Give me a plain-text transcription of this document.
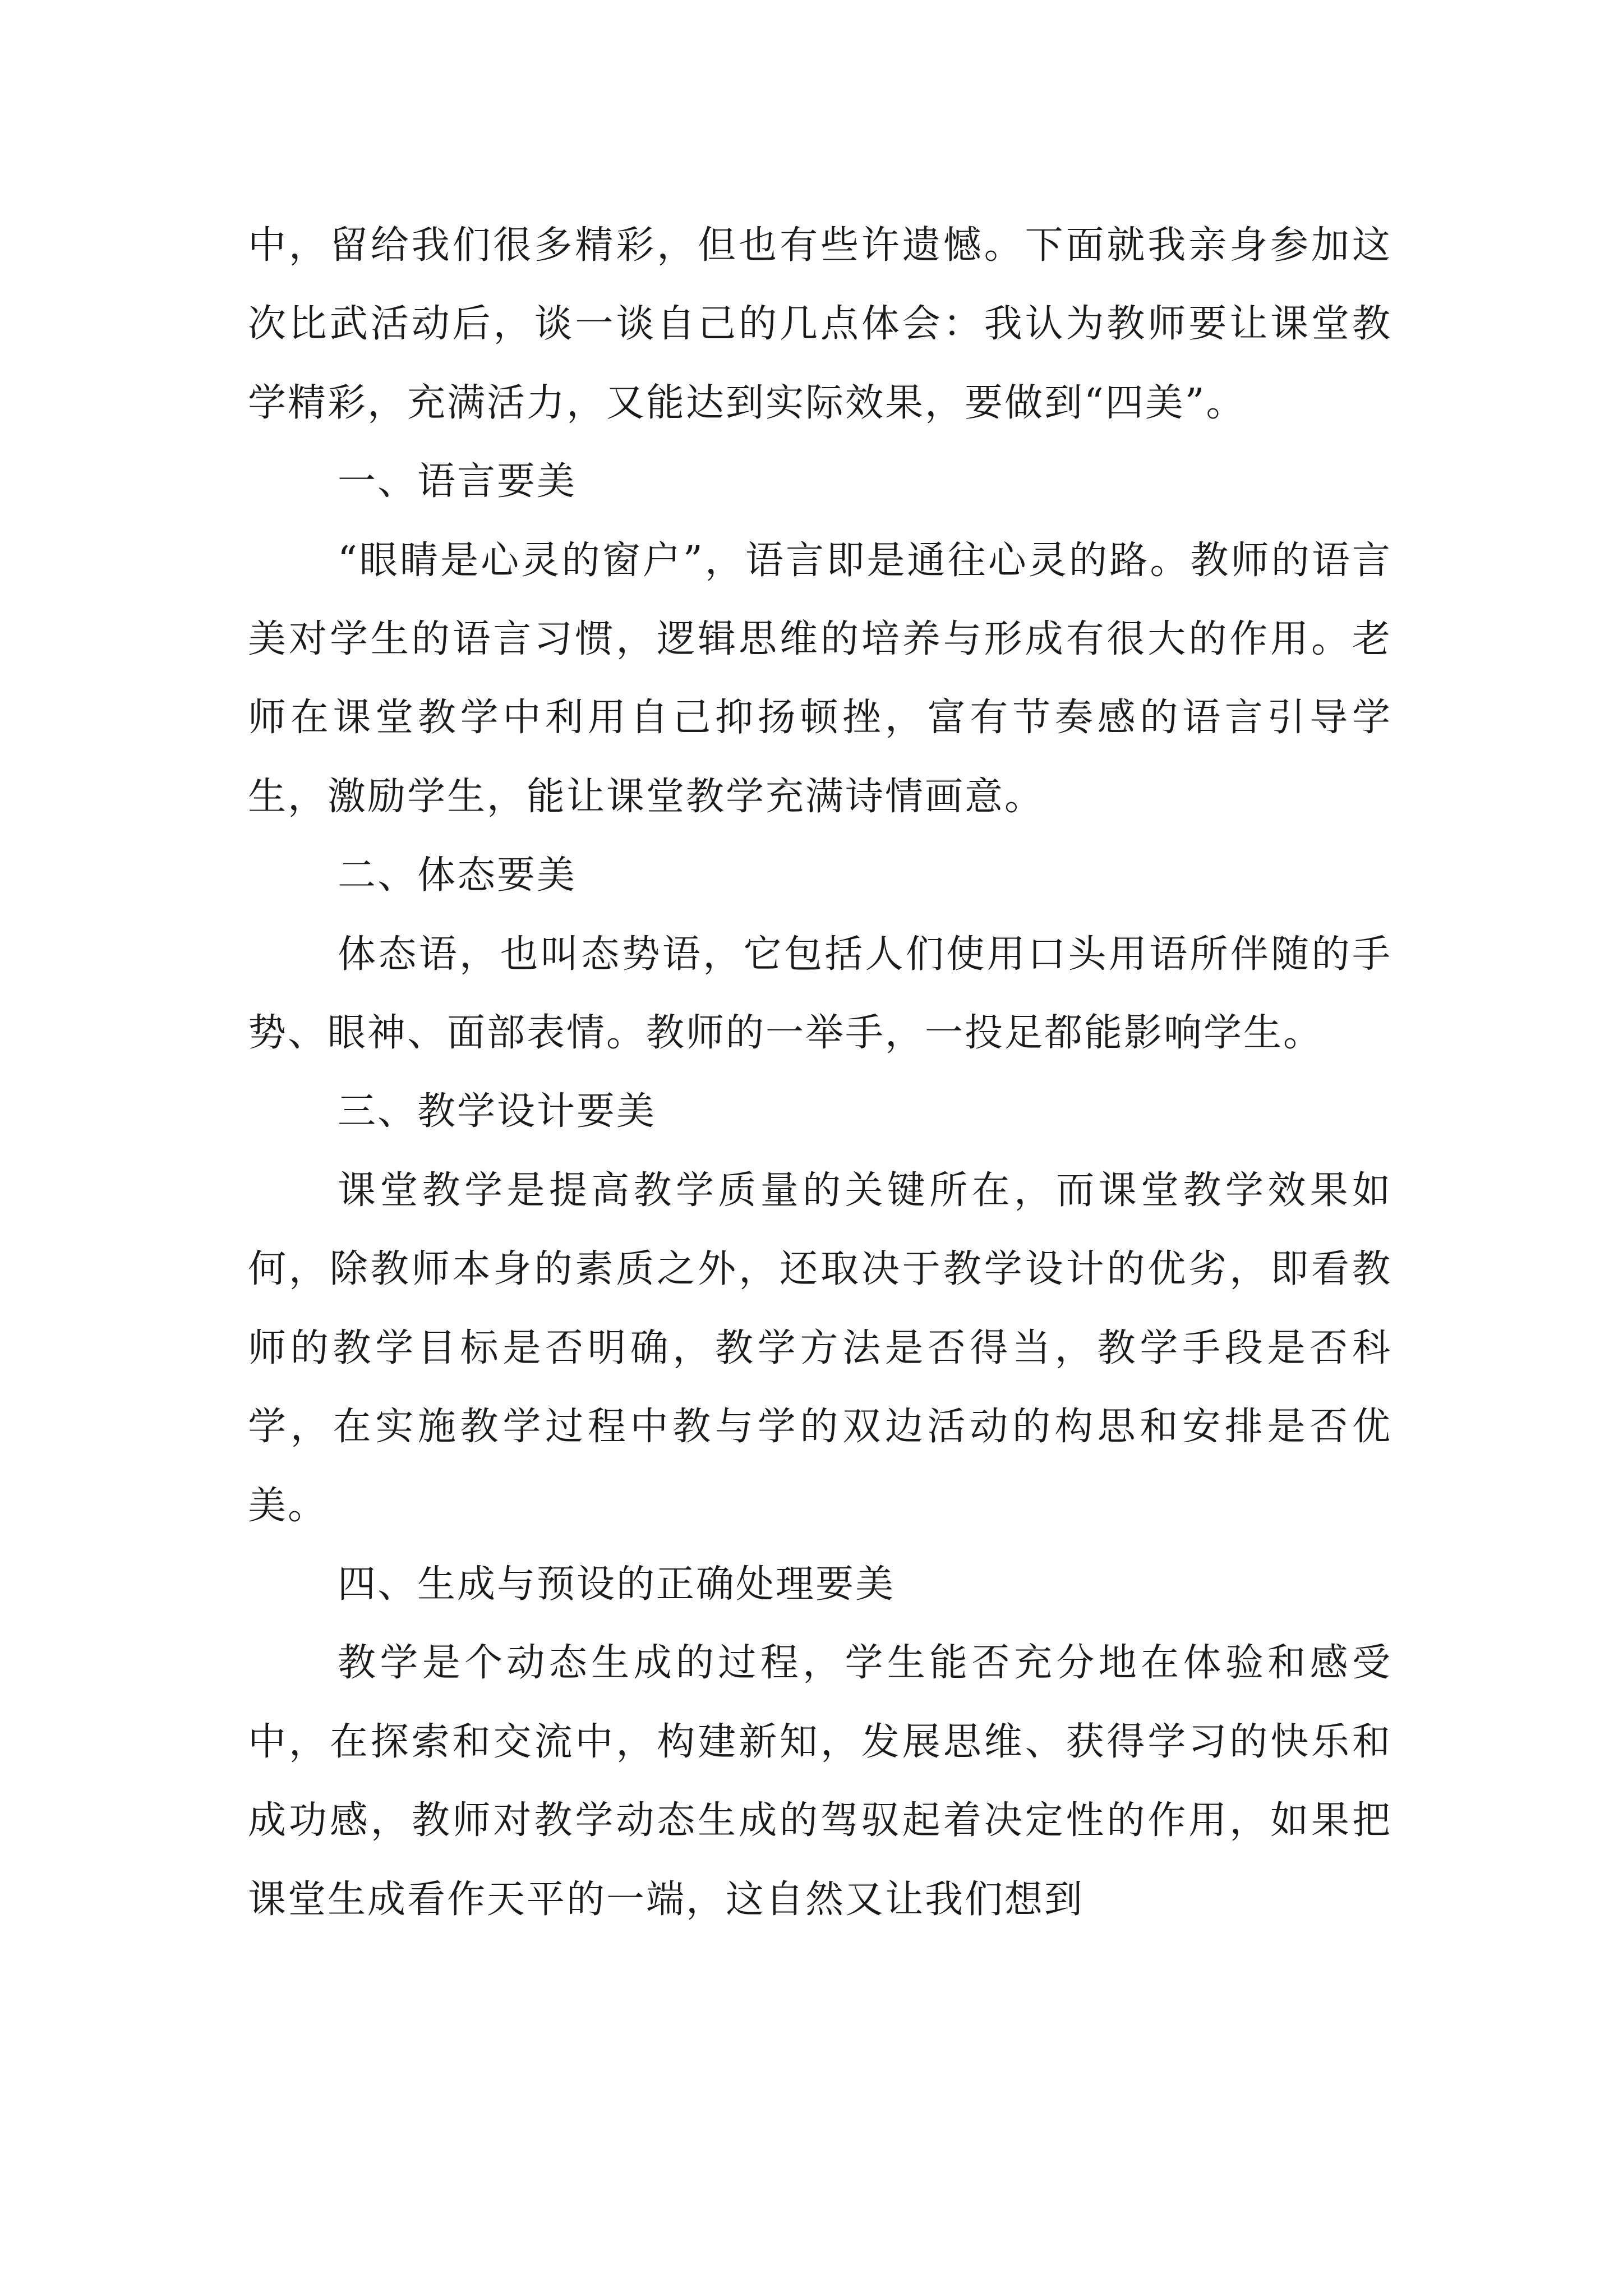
中，留给我们很多精彩，但也有些许遗憾。下面就我亲身参加这次比武活动后，谈一谈自己的几点体会：我认为教师要让课堂教学精彩，充满活力，又能达到实际效果，要做到“四美”。

一、语言要美

“眼睛是心灵的窗户”，语言即是通往心灵的路。教师的语言美对学生的语言习惯，逻辑思维的培养与形成有很大的作用。老师在课堂教学中利用自己抑扬顿挫，富有节奏感的语言引导学生，激励学生，能让课堂教学充满诗情画意。

二、体态要美

体态语，也叫态势语，它包括人们使用口头用语所伴随的手势、眼神、面部表情。教师的一举手，一投足都能影响学生。

三、教学设计要美

课堂教学是提高教学质量的关键所在，而课堂教学效果如何，除教师本身的素质之外，还取决于教学设计的优劣，即看教师的教学目标是否明确，教学方法是否得当，教学手段是否科学，在实施教学过程中教与学的双边活动的构思和安排是否优美。

四、生成与预设的正确处理要美

教学是个动态生成的过程，学生能否充分地在体验和感受中，在探索和交流中，构建新知，发展思维、获得学习的快乐和成功感，教师对教学动态生成的驾驭起着决定性的作用，如果把课堂生成看作天平的一端，这自然又让我们想到
